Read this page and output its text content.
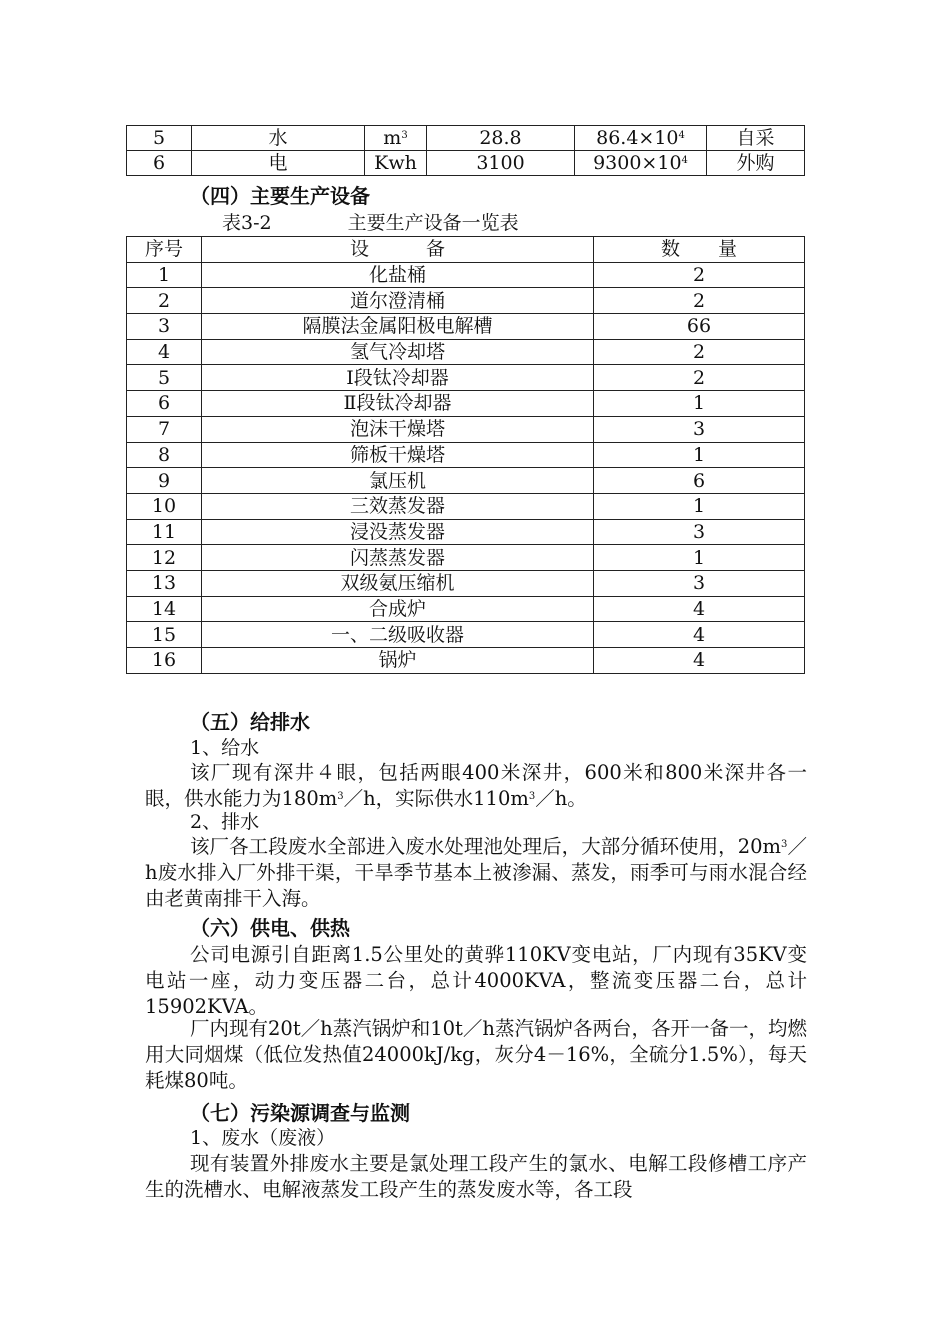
5	水	$m^3$	28.8	$86.4\times 10^4$	自采
6	电	Kwh	3100	$9300\times 10^4$	外购
（四）主要生产设备
表3-2　　　　主要生产设备一览表
序号	设　　　备	数　　量
1	化盐桶	2
2	道尔澄清桶	2
3	隔膜法金属阳极电解槽	66
4	氢气冷却塔	2
5	Ⅰ段钛冷却器	2
6	Ⅱ段钛冷却器	1
7	泡沫干燥塔	3
8	筛板干燥塔	1
9	氯压机	6
10	三效蒸发器	1
11	浸没蒸发器	3
12	闪蒸蒸发器	1
13	双级氨压缩机	3
14	合成炉	4
15	一、二级吸收器	4
16	锅炉	4
（五）给排水
1、给水
该厂现有深井４眼，包括两眼400米深井，600米和800米深井各一眼，供水能力为$180m^3/h$，实际供水$110m^3/h$。
2、排水
该厂各工段废水全部进入废水处理池处理后，大部分循环使用，$20m^3/h$废水排入厂外排干渠，干旱季节基本上被渗漏、蒸发，雨季可与雨水混合经由老黄南排干入海。
（六）供电、供热
公司电源引自距离1.5公里处的黄骅110KV变电站，厂内现有35KV变电站一座，动力变压器二台，总计4000KVA，整流变压器二台，总计15902KVA。
厂内现有20t／h蒸汽锅炉和10t／h蒸汽锅炉各两台，各开一备一，均燃用大同烟煤（低位发热值24000kJ/kg，灰分4－16%，全硫分1.5%），每天耗煤80吨。
（七）污染源调查与监测
1、废水（废液）
现有装置外排废水主要是氯处理工段产生的氯水、电解工段修槽工序产生的洗槽水、电解液蒸发工段产生的蒸发废水等，各工段
